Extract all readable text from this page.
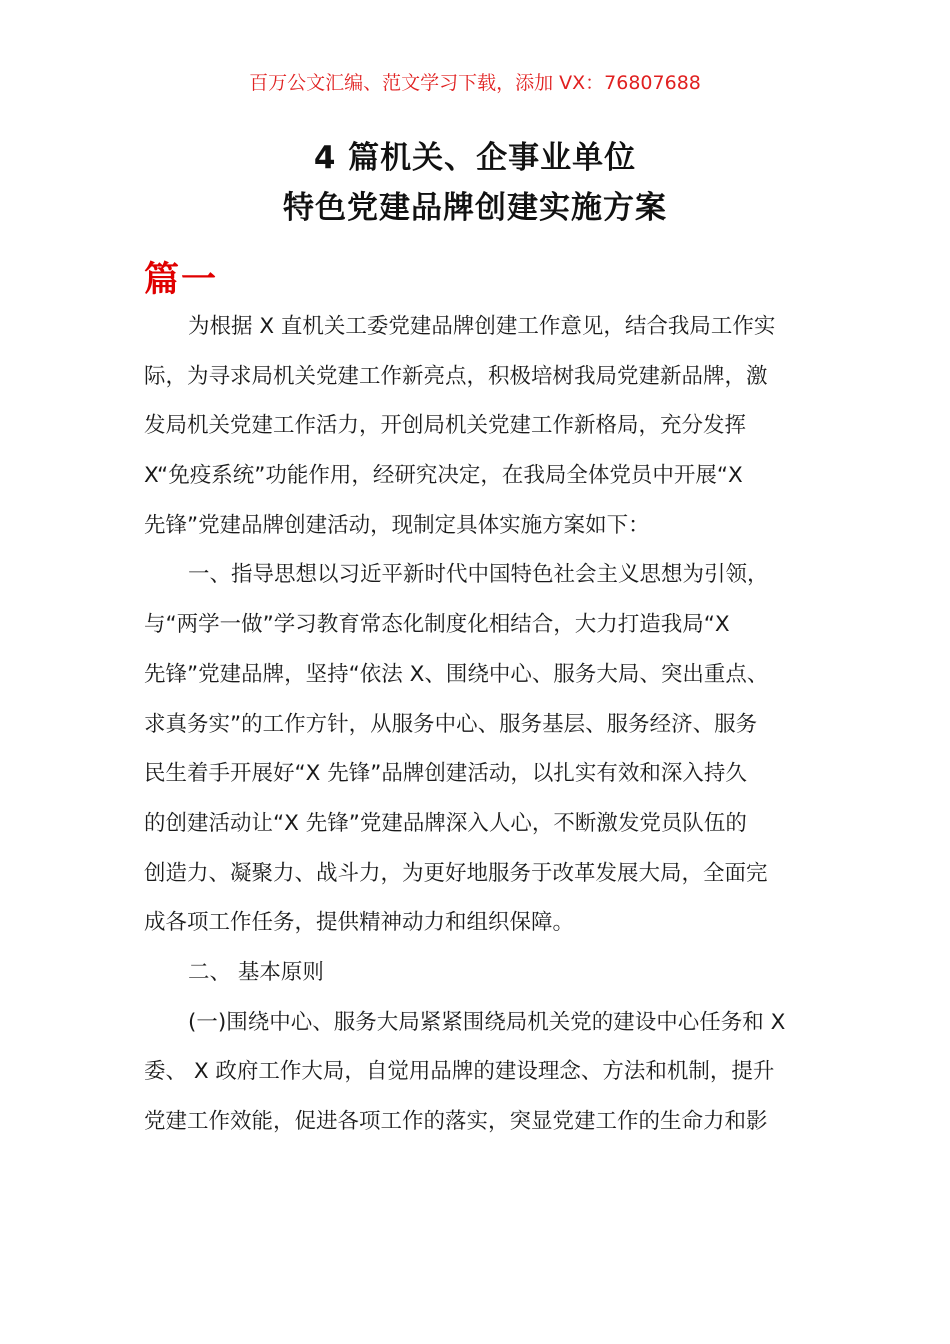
百万公文汇编、范文学习下载，添加 VX：76807688
4 篇机关、企事业单位
特色党建品牌创建实施方案
篇一
为根据 X 直机关工委党建品牌创建工作意见，结合我局工作实
际，为寻求局机关党建工作新亮点，积极培树我局党建新品牌，激
发局机关党建工作活力，开创局机关党建工作新格局，充分发挥
X“免疫系统”功能作用，经研究决定，在我局全体党员中开展“X
先锋”党建品牌创建活动，现制定具体实施方案如下：
一、指导思想以习近平新时代中国特色社会主义思想为引领，
与“两学一做”学习教育常态化制度化相结合，大力打造我局“X
先锋”党建品牌，坚持“依法 X、围绕中心、服务大局、突出重点、
求真务实”的工作方针，从服务中心、服务基层、服务经济、服务
民生着手开展好“X 先锋”品牌创建活动，以扎实有效和深入持久
的创建活动让“X 先锋”党建品牌深入人心，不断激发党员队伍的
创造力、凝聚力、战斗力，为更好地服务于改革发展大局，全面完
成各项工作任务，提供精神动力和组织保障。
二、 基本原则
(一)围绕中心、服务大局紧紧围绕局机关党的建设中心任务和 X
委、 X 政府工作大局，自觉用品牌的建设理念、方法和机制，提升
党建工作效能，促进各项工作的落实，突显党建工作的生命力和影
